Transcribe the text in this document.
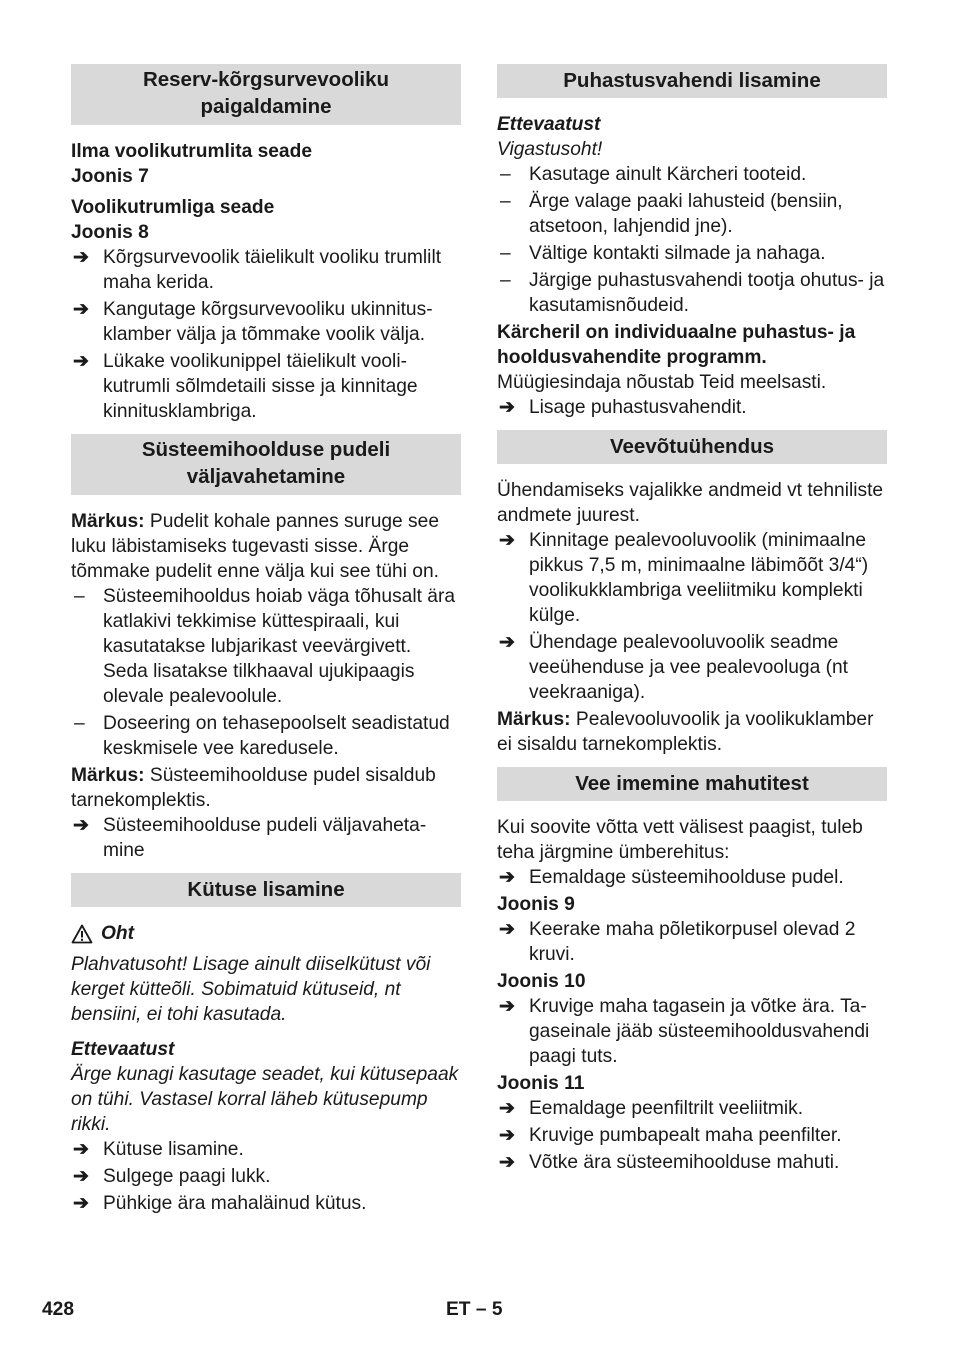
Reserv-kõrgsurvevooliku paigaldamine

Ilma voolikutrumlita seade

Joonis 7

Voolikutrumliga seade

Joonis 8

➔ Kõrgsurvevoolik täielikult vooliku trumlilt maha kerida.
➔ Kangutage kõrgsurvevooliku ukinnitusklamber välja ja tõmmake voolik välja.
➔ Lükake voolikunippel täielikult voolikutrumli sõlmdetaili sisse ja kinnitage kinnitusklambriga.
Süsteemihoolduse pudeli väljavahetamine

Märkus: Pudelit kohale pannes suruge see luku läbistamiseks tugevasti sisse. Ärge tõmmake pudelit enne välja kui see tühi on.

– Süsteemihooldus hoiab väga tõhusalt ära katlakivi tekkimise küttespiraali, kui kasutatakse lubjarikast veevärgivett. Seda lisatakse tilkhaaval ujukipaagis olevale pealevoolule.
– Doseering on tehasepoolselt seadistatud keskmisele vee karedusele.

Märkus: Süsteemihoolduse pudel sisaldub tarnekomplektis.

➔ Süsteemihoolduse pudeli väljavahetamine
Kütuse lisamine
Oht

Plahvatusoht! Lisage ainult diiselkütust või kerget kütteõli. Sobimatuid kütuseid, nt bensiini, ei tohi kasutada.

Ettevaatust

Ärge kunagi kasutage seadet, kui kütusepaak on tühi. Vastasel korral läheb kütusepump rikki.

➔ Kütuse lisamine.
➔ Sulgege paagi lukk.
➔ Pühkige ära mahaläinud kütus.
Puhastusvahendi lisamine

Ettevaatust

Vigastusoht!

– Kasutage ainult Kärcheri tooteid.
– Ärge valage paaki lahusteid (bensiin, atsetoon, lahjendid jne).
– Vältige kontakti silmade ja nahaga.
– Järgige puhastusvahendi tootja ohutus- ja kasutamisnõudeid.

Kärcheril on individuaalne puhastus- ja hooldusvahendite programm.

Müügiesindaja nõustab Teid meelsasti.

➔ Lisage puhastusvahendit.
Veevõtuühendus

Ühendamiseks vajalikke andmeid vt tehniliste andmete juurest.

➔ Kinnitage pealevooluvoolik (minimaalne pikkus 7,5 m, minimaalne läbimõõt 3/4“) voolikukklambriga veeliitmiku komplekti külge.
➔ Ühendage pealevooluvoolik seadme veeühenduse ja vee pealevooluga (nt veekraaniga).

Märkus: Pealevooluvoolik ja voolikuklamber ei sisaldu tarnekomplektis.

Vee imemine mahutitest

Kui soovite võtta vett välisest paagist, tuleb teha järgmine ümberehitus:

➔ Eemaldage süsteemihoolduse pudel.

Joonis 9

➔ Keerake maha põletikorpusel olevad 2 kruvi.

Joonis 10

➔ Kruvige maha tagasein ja võtke ära. Tagaseinale jääb süsteemihooldusvahendi paagi tuts.

Joonis 11

➔ Eemaldage peenfiltrilt veeliitmik.
➔ Kruvige pumbapealt maha peenfilter.
➔ Võtke ära süsteemihoolduse mahuti.
428	ET – 5
